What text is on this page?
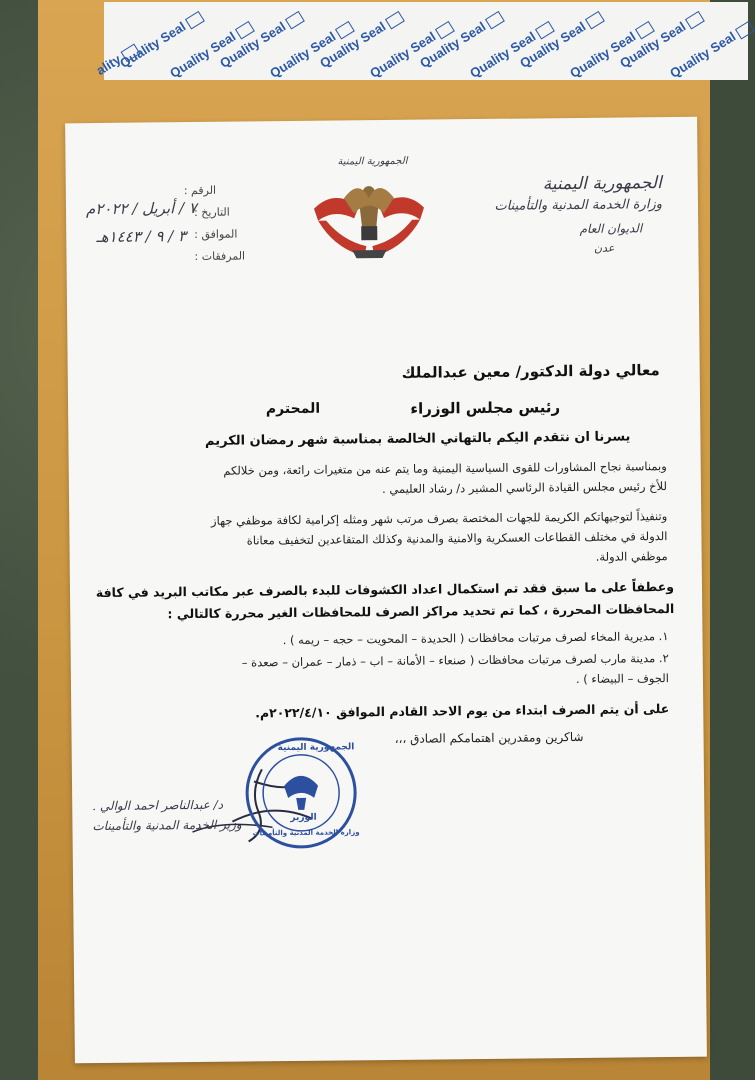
ality
Quality Seal
Quality Seal
Quality Seal
Quality Seal
Quality Seal
Quality Seal
Quality Seal
Quality Seal
Quality Seal
Quality Seal
Quality Seal
Quality Seal
الجمهورية اليمنية
وزارة الخدمة المدنية والتأمينات
الديوان العام
عدن
الجمهورية اليمنية
الرقم :
التاريخ :
٧ / أبريل / ٢٠٢٢م
الموافق :
٣ / ٩ / ١٤٤٣هـ
المرفقات :
معالي دولة الدكتور/ معين عبدالملك
رئيس مجلس الوزراء
المحترم
يسرنا ان نتقدم اليكم بالتهاني الخالصة بمناسبة شهر رمضان الكريم
وبمناسبة نجاح المشاورات للقوى السياسية اليمنية وما يتم عنه من متغيرات رائعة، ومن خلالكم
للأخ رئيس مجلس القيادة الرئاسي المشير د/ رشاد العليمي .
وتنفيذاً لتوجيهاتكم الكريمة للجهات المختصة بصرف مرتب شهر ومثله إكرامية لكافة موظفي جهاز
الدولة في مختلف القطاعات العسكرية والامنية والمدنية وكذلك المتقاعدين لتخفيف معاناة
موظفي الدولة.
وعطفاً على ما سبق فقد تم استكمال اعداد الكشوفات للبدء بالصرف عبر مكاتب البريد في كافة
المحافظات المحررة ، كما تم تحديد مراكز الصرف للمحافظات الغير محررة كالتالي :
١. مديرية المخاء لصرف مرتبات محافظات ( الحديدة – المحويت – حجه – ريمه ) .
٢. مدينة مارب لصرف مرتبات محافظات ( صنعاء – الأمانة – اب – ذمار – عمران – صعدة –
الجوف – البيضاء ) .
على أن يتم الصرف ابتداء من يوم الاحد القادم الموافق ٢٠٢٢/٤/١٠م.
شاكرين ومقدرين اهتمامكم الصادق ،،،
د/ عبدالناصر احمد الوالي .
وزير الخدمة المدنية والتأمينات
الجمهورية اليمنية
الوزير
وزارة الخدمة المدنية والتأمينات
